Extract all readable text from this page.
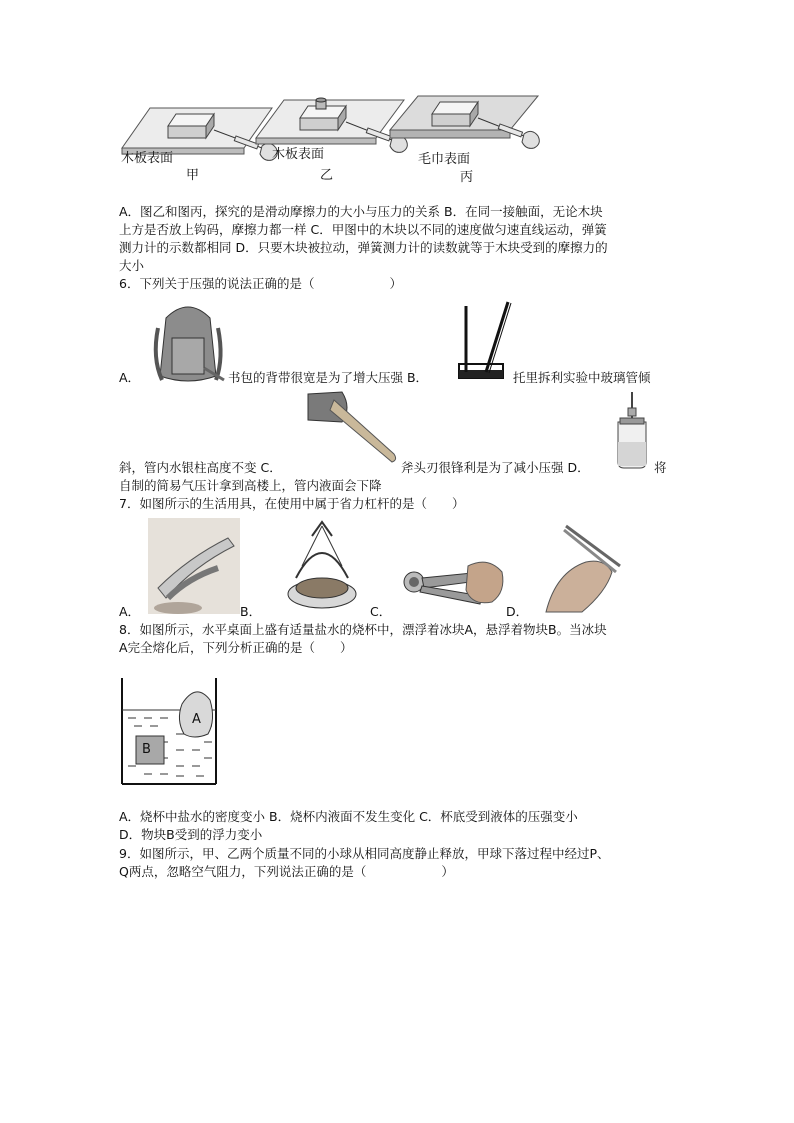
木板表面	木板表面	毛巾表面
甲	乙	丙
A．图乙和图丙，探究的是滑动摩擦力的大小与压力的关系 B．在同一接触面，无论木块
上方是否放上钩码，摩擦力都一样 C．甲图中的木块以不同的速度做匀速直线运动，弹簧
测力计的示数都相同 D．只要木块被拉动，弹簧测力计的读数就等于木块受到的摩擦力的
大小
6．下列关于压强的说法正确的是（　　　　　　）
A．	书包的背带很宽是为了增大压强 B．	托里拆利实验中玻璃管倾
斜，管内水银柱高度不变 C．	斧头刃很锋利是为了减小压强 D．	将
自制的简易气压计拿到高楼上，管内液面会下降
7．如图所示的生活用具，在使用中属于省力杠杆的是（　　）
A．	B．	C．	D．
8．如图所示，水平桌面上盛有适量盐水的烧杯中，漂浮着冰块A，悬浮着物块B。当冰块
A完全熔化后，下列分析正确的是（　　）
A
B
A．烧杯中盐水的密度变小 B．烧杯内液面不发生变化 C．杯底受到液体的压强变小
D．物块B受到的浮力变小
9．如图所示，甲、乙两个质量不同的小球从相同高度静止释放，甲球下落过程中经过P、
Q两点，忽略空气阻力，下列说法正确的是（　　　　　　）
